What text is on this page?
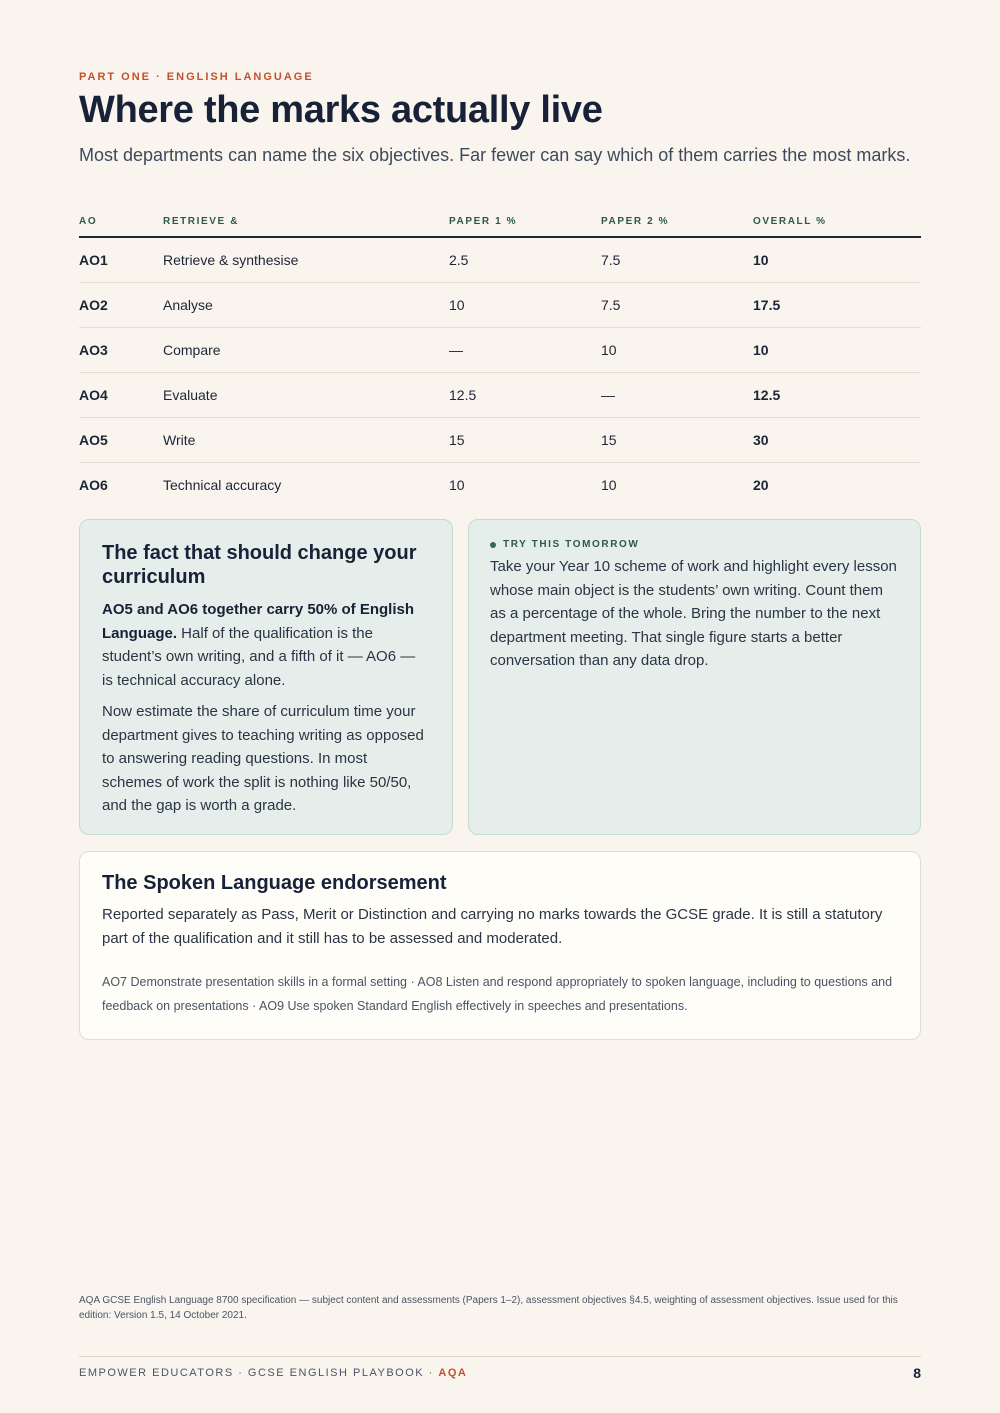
PART ONE · ENGLISH LANGUAGE
Where the marks actually live

Most departments can name the six objectives. Far fewer can say which of them carries the most marks.

AO	RETRIEVE &	PAPER 1 %	PAPER 2 %	OVERALL %
AO1	Retrieve & synthesise	2.5	7.5	10
AO2	Analyse	10	7.5	17.5
AO3	Compare	—	10	10
AO4	Evaluate	12.5	—	12.5
AO5	Write	15	15	30
AO6	Technical accuracy	10	10	20
The fact that should change your curriculum

AO5 and AO6 together carry 50% of English Language. Half of the qualification is the student’s own writing, and a fifth of it — AO6 — is technical accuracy alone.

Now estimate the share of curriculum time your department gives to teaching writing as opposed to answering reading questions. In most schemes of work the split is nothing like 50/50, and the gap is worth a grade.

TRY THIS TOMORROW

Take your Year 10 scheme of work and highlight every lesson whose main object is the students’ own writing. Count them as a percentage of the whole. Bring the number to the next department meeting. That single figure starts a better conversation than any data drop.

The Spoken Language endorsement

Reported separately as Pass, Merit or Distinction and carrying no marks towards the GCSE grade. It is still a statutory part of the qualification and it still has to be assessed and moderated.

AO7 Demonstrate presentation skills in a formal setting · AO8 Listen and respond appropriately to spoken language, including to questions and feedback on presentations · AO9 Use spoken Standard English effectively in speeches and presentations.

AQA GCSE English Language 8700 specification — subject content and assessments (Papers 1–2), assessment objectives §4.5, weighting of assessment objectives. Issue used for this edition: Version 1.5, 14 October 2021.

EMPOWER EDUCATORS · GCSE ENGLISH PLAYBOOK · AQA	8
